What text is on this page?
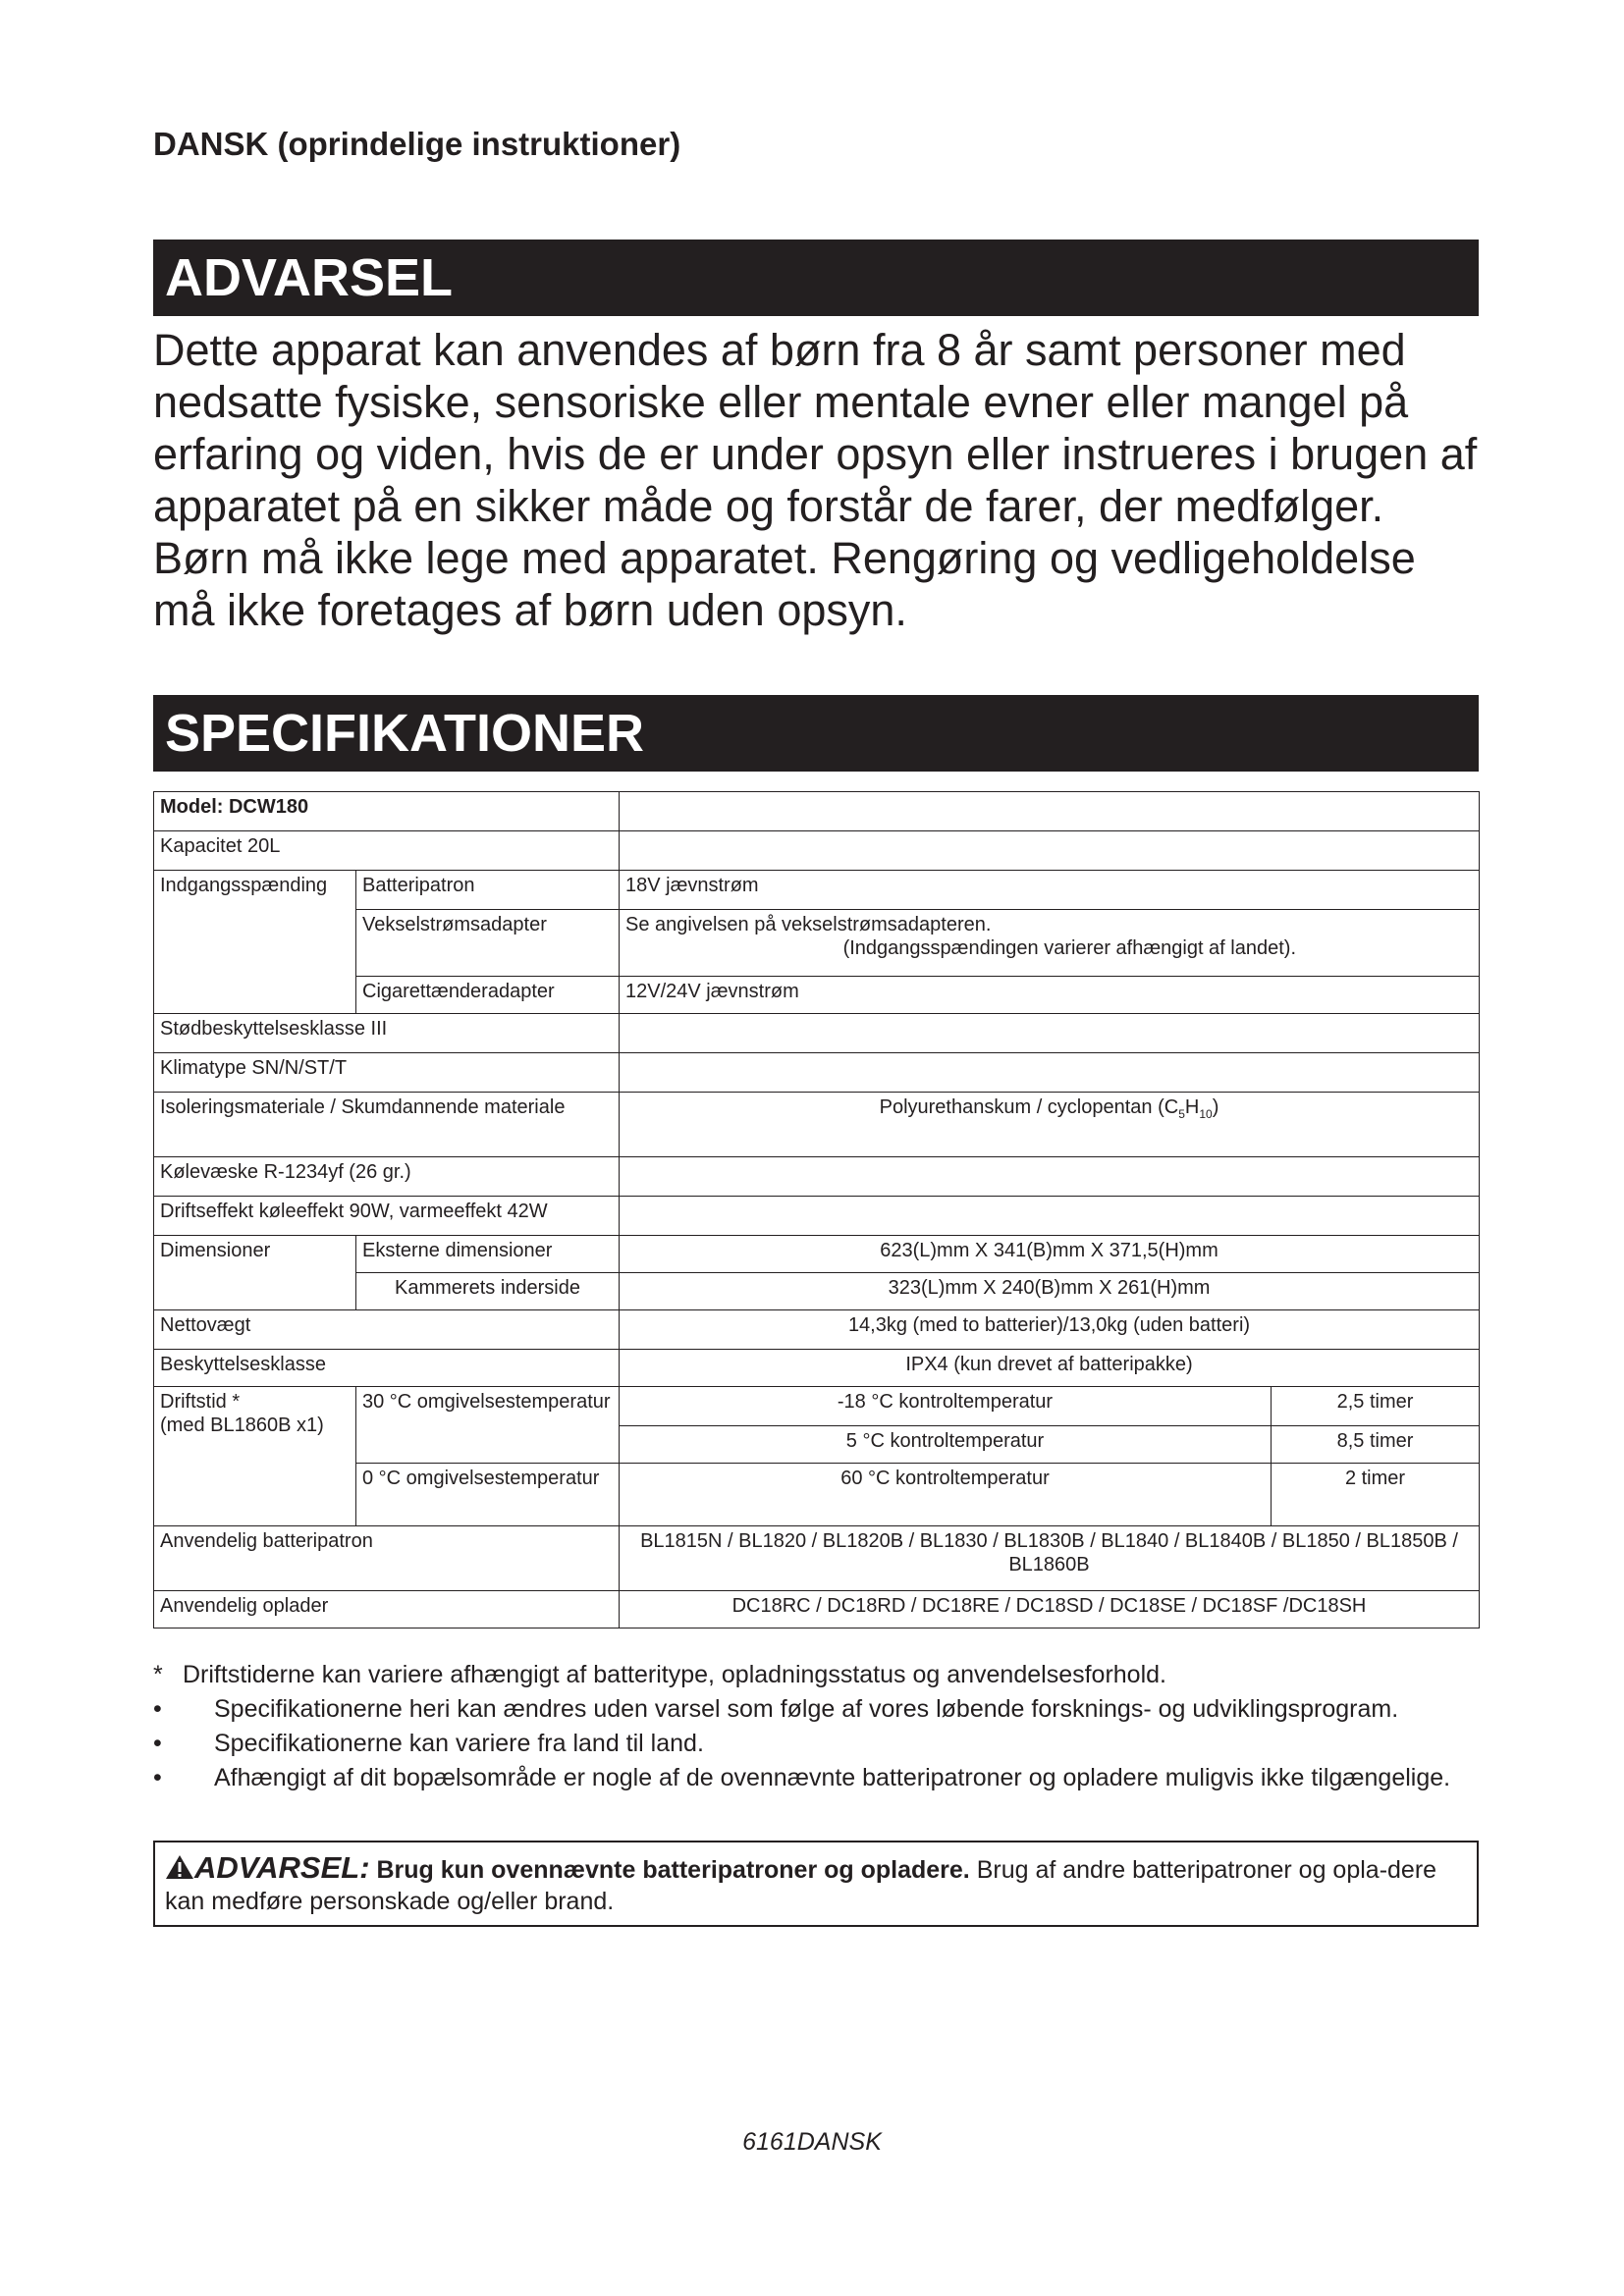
DANSK (oprindelige instruktioner)
ADVARSEL
Dette apparat kan anvendes af børn fra 8 år samt personer med nedsatte fysiske, sensoriske eller mentale evner eller mangel på erfaring og viden, hvis de er under opsyn eller instrueres i brugen af apparatet på en sikker måde og forstår de farer, der medfølger. Børn må ikke lege med apparatet. Rengøring og vedligeholdelse må ikke foretages af børn uden opsyn.
SPECIFIKATIONER
Model: DCW180			
Kapacitet 20L			
Indgangsspænding	Batteripatron	18V jævnstrøm	
	Vekselstrømsadapter	Se angivelsen på vekselstrømsadapteren.
(Indgangsspændingen varierer afhængigt af landet).	

	Cigarettænderadapter	12V/24V jævnstrøm	
Stødbeskyttelsesklasse III			
Klimatype SN/N/ST/T			
Isoleringsmateriale / Skumdannende materiale		Polyurethanskum / cyclopentan $(C_5H_{10})$	
Kølevæske R-1234yf (26 gr.)			
Driftseffekt køleeffekt 90W, varmeeffekt 42W			
Dimensioner	Eksterne dimensioner	623(L)mm X 341(B)mm X 371,5(H)mm	
	Kammerets inderside	323(L)mm X 240(B)mm X 261(H)mm	
Nettovægt		14,3kg (med to batterier)/13,0kg (uden batteri)	
Beskyttelsesklasse		IPX4 (kun drevet af batteripakke)	

Driftstid *
(med BL1860B x1)	30 °C omgivelsestemperatur	-18 °C kontroltemperatur	2,5 timer
		5 °C kontroltemperatur	8,5 timer
	0 °C omgivelsestemperatur	60 °C kontroltemperatur	2 timer
Anvendelig batteripatron		BL1815N / BL1820 / BL1820B / BL1830 / BL1830B / BL1840 / BL1840B / BL1850 / BL1850B / BL1860B	
Anvendelig oplader		DC18RC / DC18RD / DC18RE / DC18SD / DC18SE / DC18SF /DC18SH	
* Driftstiderne kan variere afhængigt af batteritype, opladningsstatus og anvendelsesforhold.
• Specifikationerne heri kan ændres uden varsel som følge af vores løbende forsknings- og udviklingsprogram.
• Specifikationerne kan variere fra land til land.
• Afhængigt af dit bopælsområde er nogle af de ovennævnte batteripatroner og opladere muligvis ikke tilgængelige.
ADVARSEL: Brug kun ovennævnte batteripatroner og opladere. Brug af andre batteripatroner og opla-dere kan medføre personskade og/eller brand.
6161DANSK
